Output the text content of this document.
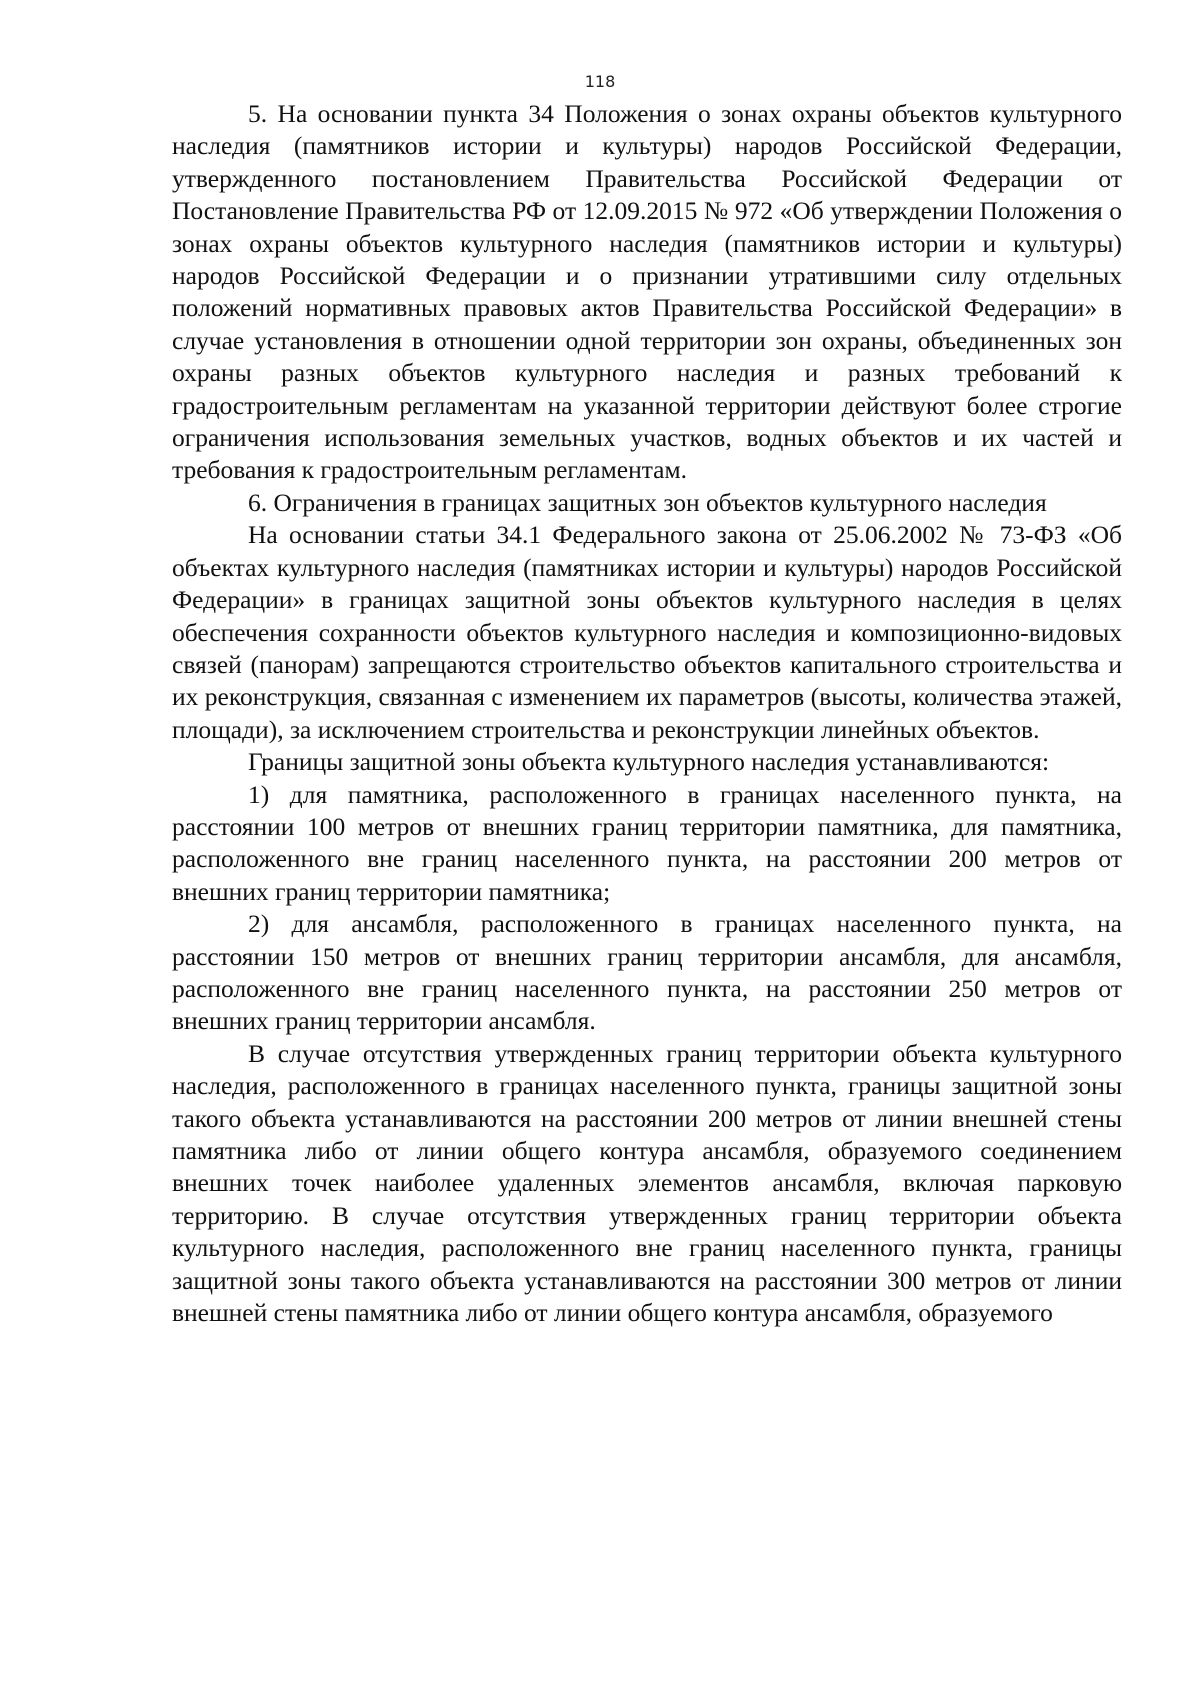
118

5. На основании пункта 34 Положения о зонах охраны объектов культурного наследия (памятников истории и культуры) народов Российской Федерации, утвержденного постановлением Правительства Российской Федерации от Постановление Правительства РФ от 12.09.2015 № 972 «Об утверждении Положения о зонах охраны объектов культурного наследия (памятников истории и культуры) народов Российской Федерации и о признании утратившими силу отдельных положений нормативных правовых актов Правительства Российской Федерации» в случае установления в отношении одной территории зон охраны, объединенных зон охраны разных объектов культурного наследия и разных требований к градостроительным регламентам на указанной территории действуют более строгие ограничения использования земельных участков, водных объектов и их частей и требования к градостроительным регламентам.

6. Ограничения в границах защитных зон объектов культурного наследия

На основании статьи 34.1 Федерального закона от 25.06.2002 № 73-ФЗ «Об объектах культурного наследия (памятниках истории и культуры) народов Российской Федерации» в границах защитной зоны объектов культурного наследия в целях обеспечения сохранности объектов культурного наследия и композиционно-видовых связей (панорам) запрещаются строительство объектов капитального строительства и их реконструкция, связанная с изменением их параметров (высоты, количества этажей, площади), за исключением строительства и реконструкции линейных объектов.

Границы защитной зоны объекта культурного наследия устанавливаются:

1) для памятника, расположенного в границах населенного пункта, на расстоянии 100 метров от внешних границ территории памятника, для памятника, расположенного вне границ населенного пункта, на расстоянии 200 метров от внешних границ территории памятника;

2) для ансамбля, расположенного в границах населенного пункта, на расстоянии 150 метров от внешних границ территории ансамбля, для ансамбля, расположенного вне границ населенного пункта, на расстоянии 250 метров от внешних границ территории ансамбля.

В случае отсутствия утвержденных границ территории объекта культурного наследия, расположенного в границах населенного пункта, границы защитной зоны такого объекта устанавливаются на расстоянии 200 метров от линии внешней стены памятника либо от линии общего контура ансамбля, образуемого соединением внешних точек наиболее удаленных элементов ансамбля, включая парковую территорию. В случае отсутствия утвержденных границ территории объекта культурного наследия, расположенного вне границ населенного пункта, границы защитной зоны такого объекта устанавливаются на расстоянии 300 метров от линии внешней стены памятника либо от линии общего контура ансамбля, образуемого
